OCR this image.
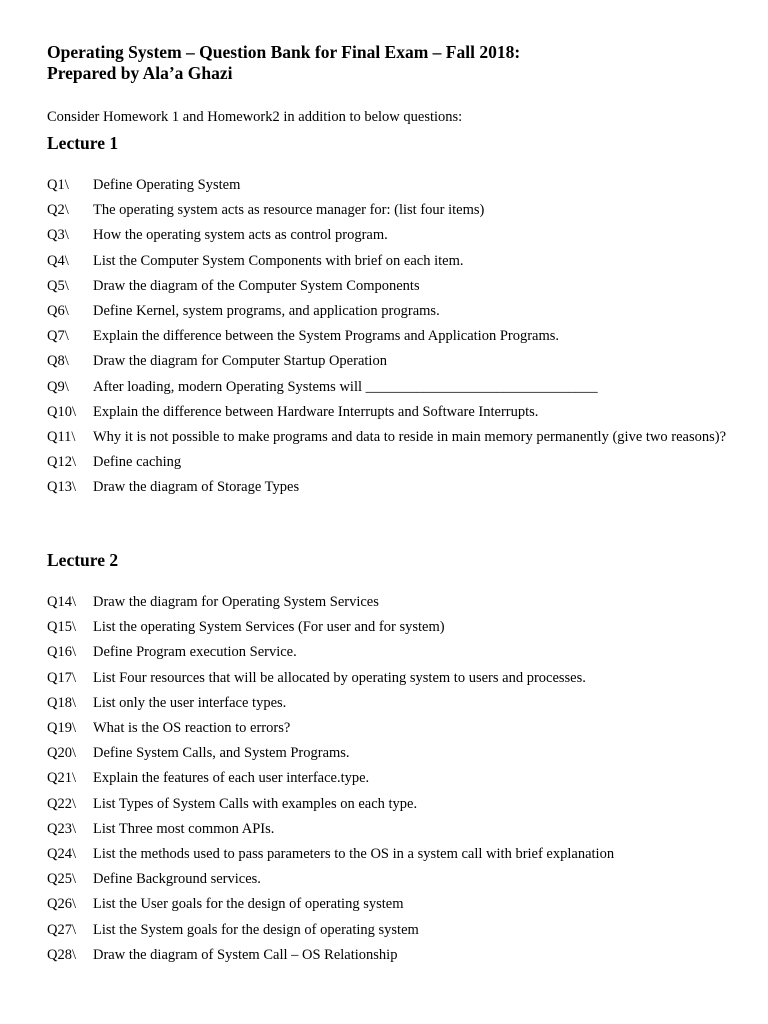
Operating System – Question Bank for Final Exam – Fall 2018:
Prepared by Ala’a Ghazi
Consider Homework 1 and Homework2 in addition to below questions:
Lecture 1
Q1\ Define Operating System
Q2\ The operating system acts as resource manager for: (list four items)
Q3\ How the operating system acts as control program.
Q4\ List the Computer System Components with brief on each item.
Q5\ Draw the diagram of the Computer System Components
Q6\ Define Kernel, system programs, and application programs.
Q7\ Explain the difference between the System Programs and Application Programs.
Q8\ Draw the diagram for Computer Startup Operation
Q9\ After loading, modern Operating Systems will ________________________________
Q10\ Explain the difference between Hardware Interrupts and Software Interrupts.
Q11\ Why it is not possible to make programs and data to reside in main memory permanently (give two reasons)?
Q12\ Define caching
Q13\ Draw the diagram of Storage Types
Lecture 2
Q14\ Draw the diagram for Operating System Services
Q15\ List the operating System Services (For user and for system)
Q16\ Define Program execution Service.
Q17\ List Four resources that will be allocated by operating system to users and processes.
Q18\ List only the user interface types.
Q19\ What is the OS reaction to errors?
Q20\ Define System Calls, and System Programs.
Q21\ Explain the features of each user interface.type.
Q22\ List Types of System Calls with examples on each type.
Q23\ List Three most common APIs.
Q24\ List the methods used to pass parameters to the OS in a system call with brief explanation
Q25\ Define Background services.
Q26\ List the User goals for the design of operating system
Q27\ List the System goals for the design of operating system
Q28\ Draw the diagram of System Call – OS Relationship
